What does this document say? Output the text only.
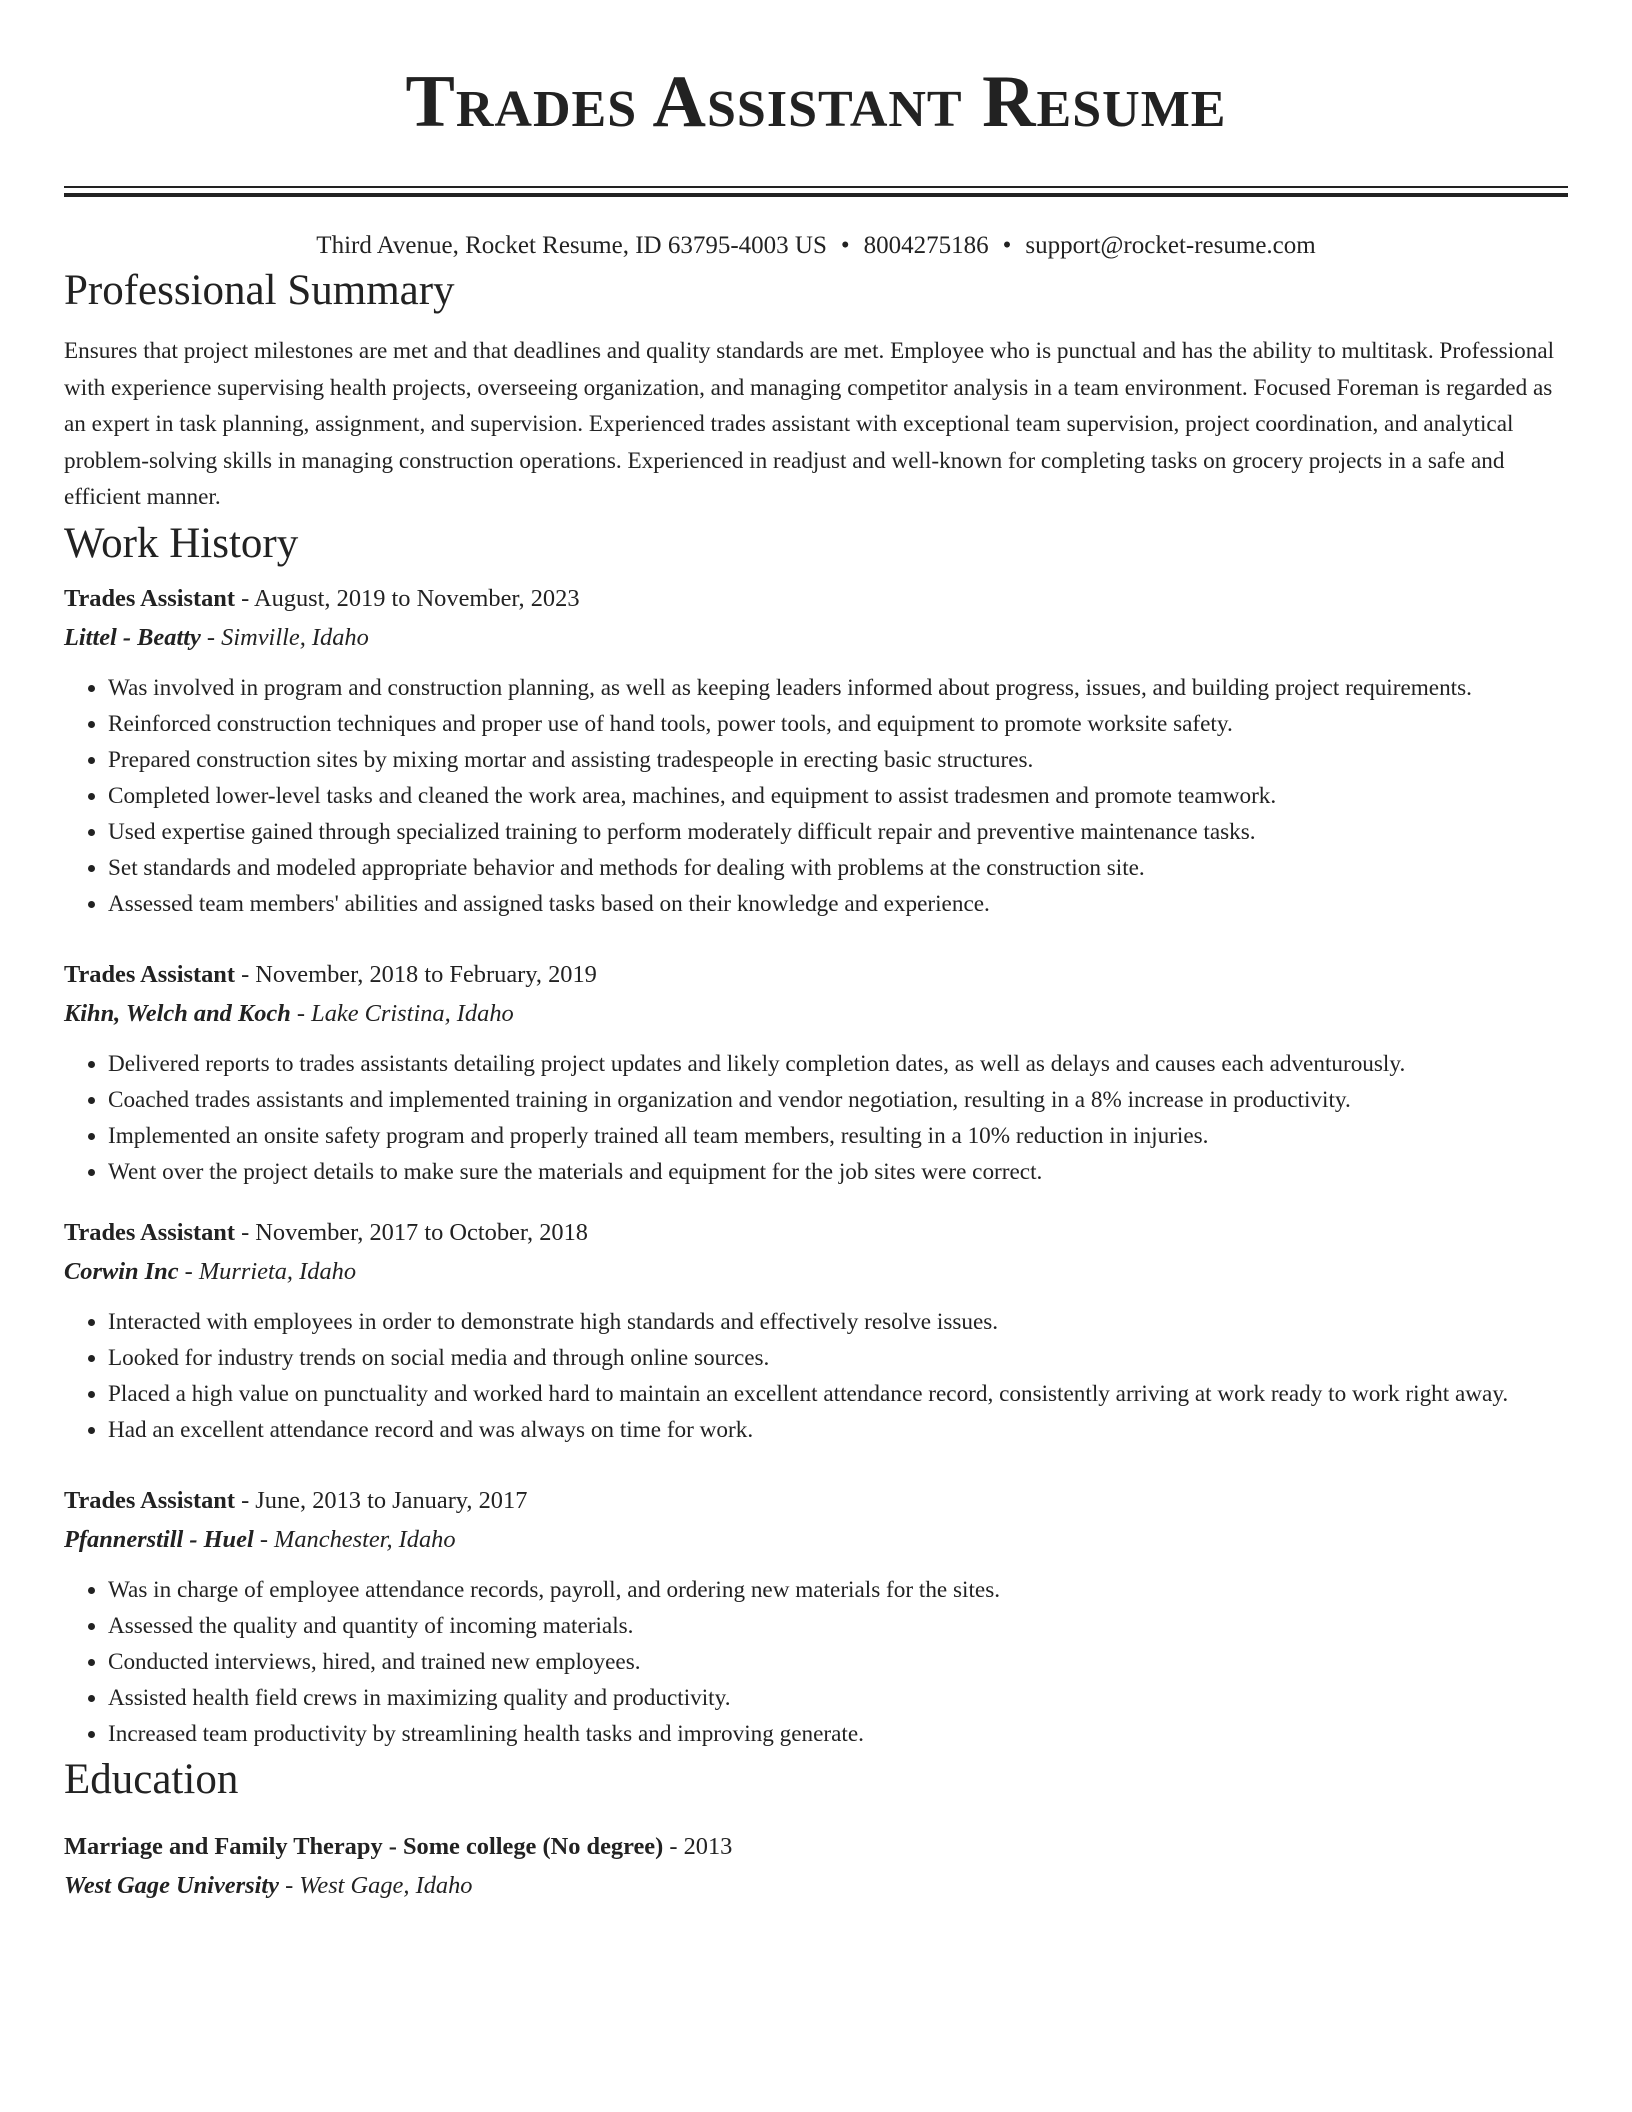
Trades Assistant Resume
Third Avenue, Rocket Resume, ID 63795-4003 US • 8004275186 • support@rocket-resume.com
Professional Summary
Ensures that project milestones are met and that deadlines and quality standards are met. Employee who is punctual and has the ability to multitask. Professional with experience supervising health projects, overseeing organization, and managing competitor analysis in a team environment. Focused Foreman is regarded as an expert in task planning, assignment, and supervision. Experienced trades assistant with exceptional team supervision, project coordination, and analytical problem-solving skills in managing construction operations. Experienced in readjust and well-known for completing tasks on grocery projects in a safe and efficient manner.
Work History
Trades Assistant - August, 2019 to November, 2023
Littel - Beatty - Simville, Idaho
• Was involved in program and construction planning, as well as keeping leaders informed about progress, issues, and building project requirements.
• Reinforced construction techniques and proper use of hand tools, power tools, and equipment to promote worksite safety.
• Prepared construction sites by mixing mortar and assisting tradespeople in erecting basic structures.
• Completed lower-level tasks and cleaned the work area, machines, and equipment to assist tradesmen and promote teamwork.
• Used expertise gained through specialized training to perform moderately difficult repair and preventive maintenance tasks.
• Set standards and modeled appropriate behavior and methods for dealing with problems at the construction site.
• Assessed team members' abilities and assigned tasks based on their knowledge and experience.
Trades Assistant - November, 2018 to February, 2019
Kihn, Welch and Koch - Lake Cristina, Idaho
• Delivered reports to trades assistants detailing project updates and likely completion dates, as well as delays and causes each adventurously.
• Coached trades assistants and implemented training in organization and vendor negotiation, resulting in a 8% increase in productivity.
• Implemented an onsite safety program and properly trained all team members, resulting in a 10% reduction in injuries.
• Went over the project details to make sure the materials and equipment for the job sites were correct.
Trades Assistant - November, 2017 to October, 2018
Corwin Inc - Murrieta, Idaho
• Interacted with employees in order to demonstrate high standards and effectively resolve issues.
• Looked for industry trends on social media and through online sources.
• Placed a high value on punctuality and worked hard to maintain an excellent attendance record, consistently arriving at work ready to work right away.
• Had an excellent attendance record and was always on time for work.
Trades Assistant - June, 2013 to January, 2017
Pfannerstill - Huel - Manchester, Idaho
• Was in charge of employee attendance records, payroll, and ordering new materials for the sites.
• Assessed the quality and quantity of incoming materials.
• Conducted interviews, hired, and trained new employees.
• Assisted health field crews in maximizing quality and productivity.
• Increased team productivity by streamlining health tasks and improving generate.
Education
Marriage and Family Therapy - Some college (No degree) - 2013
West Gage University - West Gage, Idaho
